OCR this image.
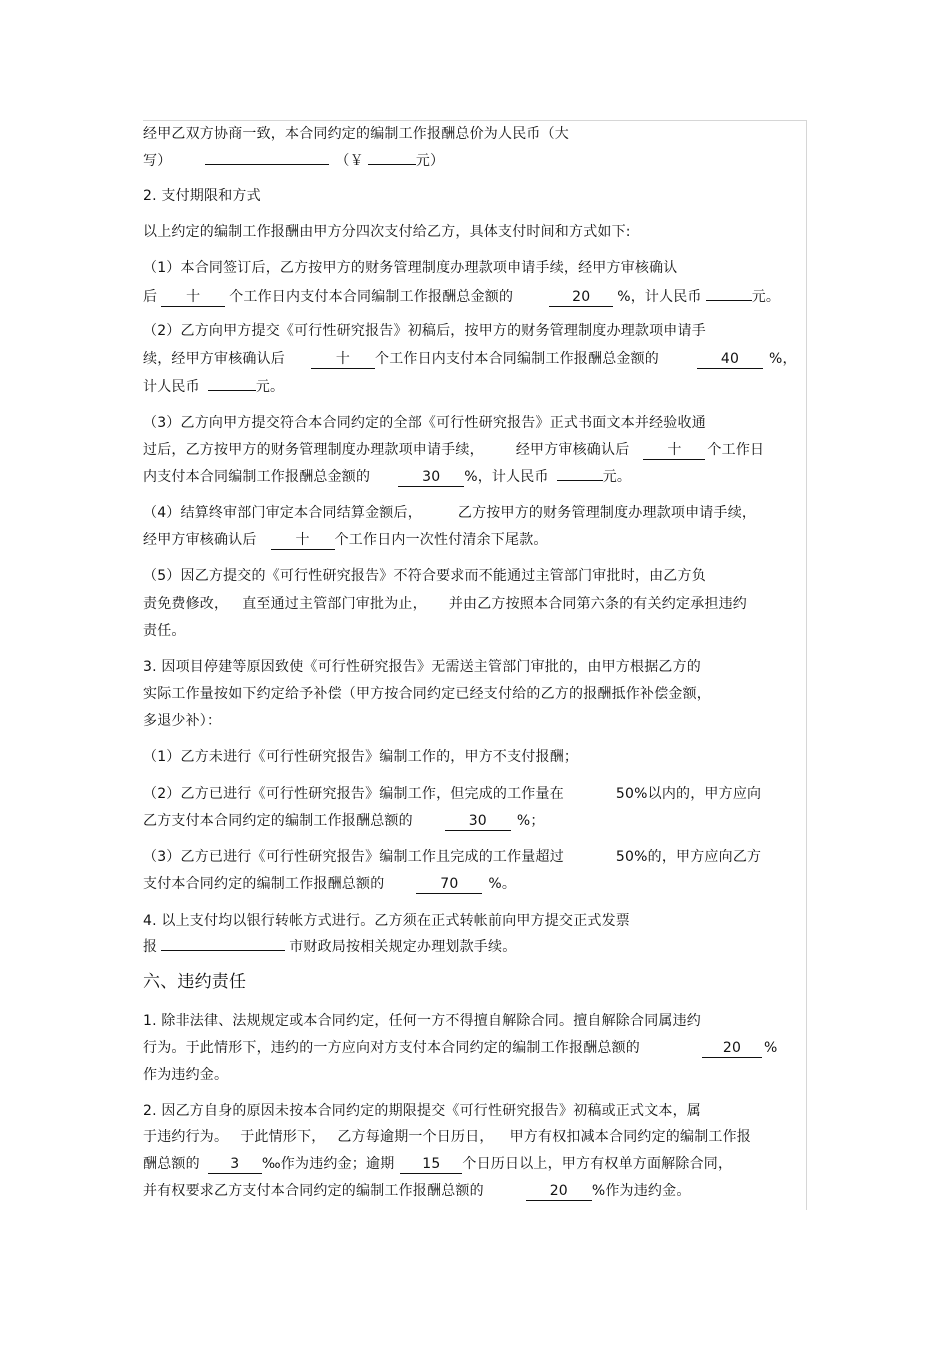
经甲乙双方协商一致，本合同约定的编制工作报酬总价为人民币（大
写）	（￥	元）
2. 支付期限和方式
以上约定的编制工作报酬由甲方分四次支付给乙方，具体支付时间和方式如下:
（1）本合同签订后，乙方按甲方的财务管理制度办理款项申请手续，经甲方审核确认
后 十 个工作日内支付本合同编制工作报酬总金额的	20 %，计人民币	元。
（2）乙方向甲方提交《可行性研究报告》初稿后，按甲方的财务管理制度办理款项申请手
续，经甲方审核确认后	十 个工作日内支付本合同编制工作报酬总金额的	40 %，
计人民币	元。
（3）乙方向甲方提交符合本合同约定的全部《可行性研究报告》正式书面文本并经验收通
过后，乙方按甲方的财务管理制度办理款项申请手续， 经甲方审核确认后	十 个工作日
内支付本合同编制工作报酬总金额的	30 %，计人民币	元。
（4）结算终审部门审定本合同结算金额后，	乙方按甲方的财务管理制度办理款项申请手续，
经甲方审核确认后	十 个工作日内一次性付清余下尾款。
（5）因乙方提交的《可行性研究报告》不符合要求而不能通过主管部门审批时，由乙方负
责免费修改， 直至通过主管部门审批为止， 并由乙方按照本合同第六条的有关约定承担违约
责任。
3. 因项目停建等原因致使《可行性研究报告》无需送主管部门审批的，由甲方根据乙方的
实际工作量按如下约定给予补偿（甲方按合同约定已经支付给的乙方的报酬抵作补偿金额，
多退少补）：
（1）乙方未进行《可行性研究报告》编制工作的，甲方不支付报酬；
（2）乙方已进行《可行性研究报告》编制工作，但完成的工作量在	50%以内的，甲方应向
乙方支付本合同约定的编制工作报酬总额的	30 %；
（3）乙方已进行《可行性研究报告》编制工作且完成的工作量超过	50%的，甲方应向乙方
支付本合同约定的编制工作报酬总额的	70 %。
4. 以上支付均以银行转帐方式进行。乙方须在正式转帐前向甲方提交正式发票
报	市财政局按相关规定办理划款手续。
六、违约责任
1. 除非法律、法规规定或本合同约定，任何一方不得擅自解除合同。擅自解除合同属违约
行为。于此情形下，违约的一方应向对方支付本合同约定的编制工作报酬总额的	20 %
作为违约金。
2. 因乙方自身的原因未按本合同约定的期限提交《可行性研究报告》初稿或正式文本，属
于违约行为。 于此情形下， 乙方每逾期一个日历日， 甲方有权扣减本合同约定的编制工作报
酬总额的 3 ‰作为违约金；逾期 15 个日历日以上，甲方有权单方面解除合同，
并有权要求乙方支付本合同约定的编制工作报酬总额的	20 %作为违约金。
